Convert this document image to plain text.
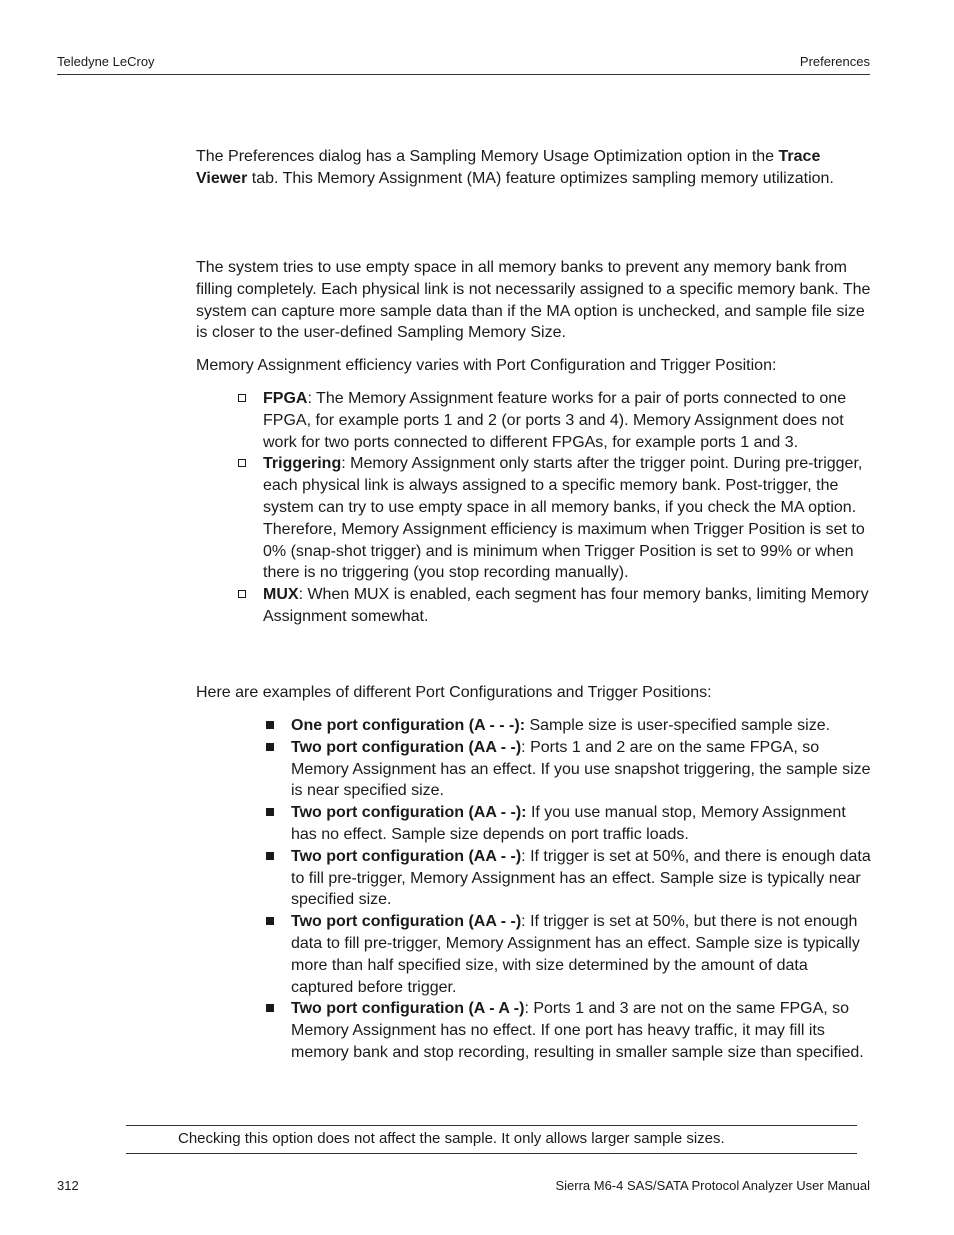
Teledyne LeCroy	Preferences

The Preferences dialog has a Sampling Memory Usage Optimization option in the Trace Viewer tab. This Memory Assignment (MA) feature optimizes sampling memory utilization.

The system tries to use empty space in all memory banks to prevent any memory bank from filling completely. Each physical link is not necessarily assigned to a specific memory bank. The system can capture more sample data than if the MA option is unchecked, and sample file size is closer to the user-defined Sampling Memory Size.

Memory Assignment efficiency varies with Port Configuration and Trigger Position:

FPGA: The Memory Assignment feature works for a pair of ports connected to one FPGA, for example ports 1 and 2 (or ports 3 and 4). Memory Assignment does not work for two ports connected to different FPGAs, for example ports 1 and 3.
Triggering: Memory Assignment only starts after the trigger point. During pre-trigger, each physical link is always assigned to a specific memory bank. Post-trigger, the system can try to use empty space in all memory banks, if you check the MA option. Therefore, Memory Assignment efficiency is maximum when Trigger Position is set to 0% (snap-shot trigger) and is minimum when Trigger Position is set to 99% or when there is no triggering (you stop recording manually).
MUX: When MUX is enabled, each segment has four memory banks, limiting Memory Assignment somewhat.

Here are examples of different Port Configurations and Trigger Positions:

One port configuration (A - - -): Sample size is user-specified sample size.
Two port configuration (AA - -): Ports 1 and 2 are on the same FPGA, so Memory Assignment has an effect. If you use snapshot triggering, the sample size is near specified size.
Two port configuration (AA - -): If you use manual stop, Memory Assignment has no effect. Sample size depends on port traffic loads.
Two port configuration (AA - -): If trigger is set at 50%, and there is enough data to fill pre-trigger, Memory Assignment has an effect. Sample size is typically near specified size.
Two port configuration (AA - -): If trigger is set at 50%, but there is not enough data to fill pre-trigger, Memory Assignment has an effect. Sample size is typically more than half specified size, with size determined by the amount of data captured before trigger.
Two port configuration (A - A -): Ports 1 and 3 are not on the same FPGA, so Memory Assignment has no effect. If one port has heavy traffic, it may fill its memory bank and stop recording, resulting in smaller sample size than specified.
Checking this option does not affect the sample. It only allows larger sample sizes.
312	Sierra M6-4 SAS/SATA Protocol Analyzer User Manual
